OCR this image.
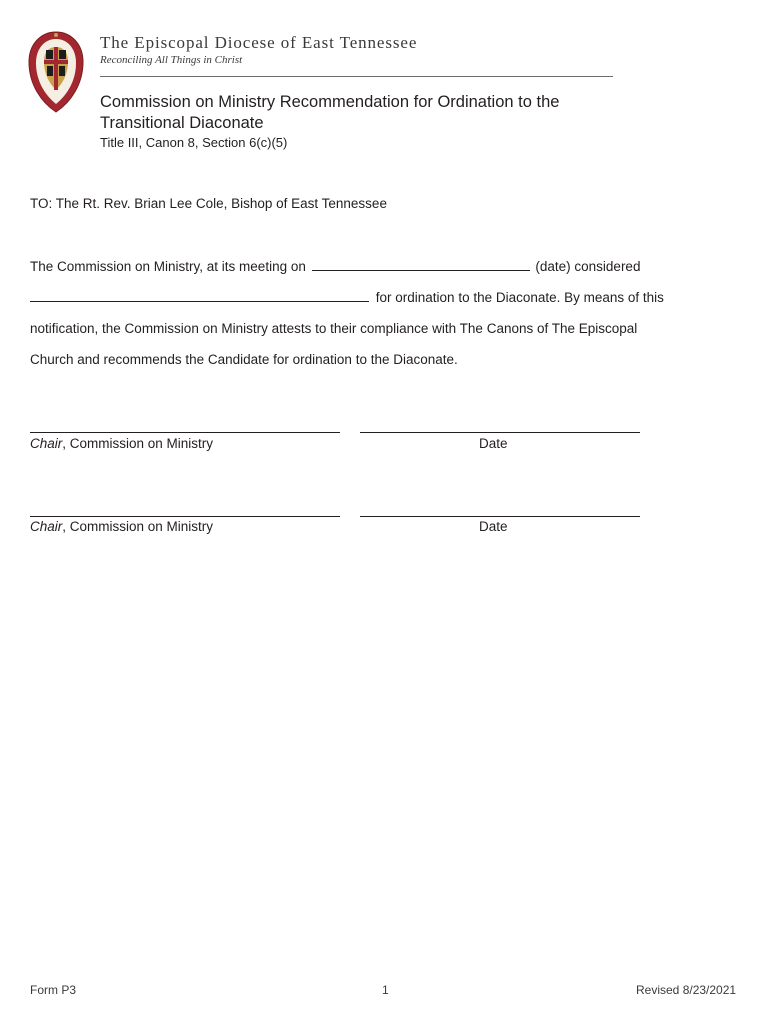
The Episcopal Diocese of East Tennessee
Reconciling All Things in Christ
Commission on Ministry Recommendation for Ordination to the
Transitional Diaconate
Title III, Canon 8, Section 6(c)(5)
TO: The Rt. Rev. Brian Lee Cole, Bishop of East Tennessee
The Commission on Ministry, at its meeting on	(date) considered
for ordination to the Diaconate. By means of this
notification, the Commission on Ministry attests to their compliance with The Canons of The Episcopal
Church and recommends the Candidate for ordination to the Diaconate.
Chair, Commission on Ministry	Date
Chair, Commission on Ministry	Date
Form P3	1	Revised 8/23/2021
